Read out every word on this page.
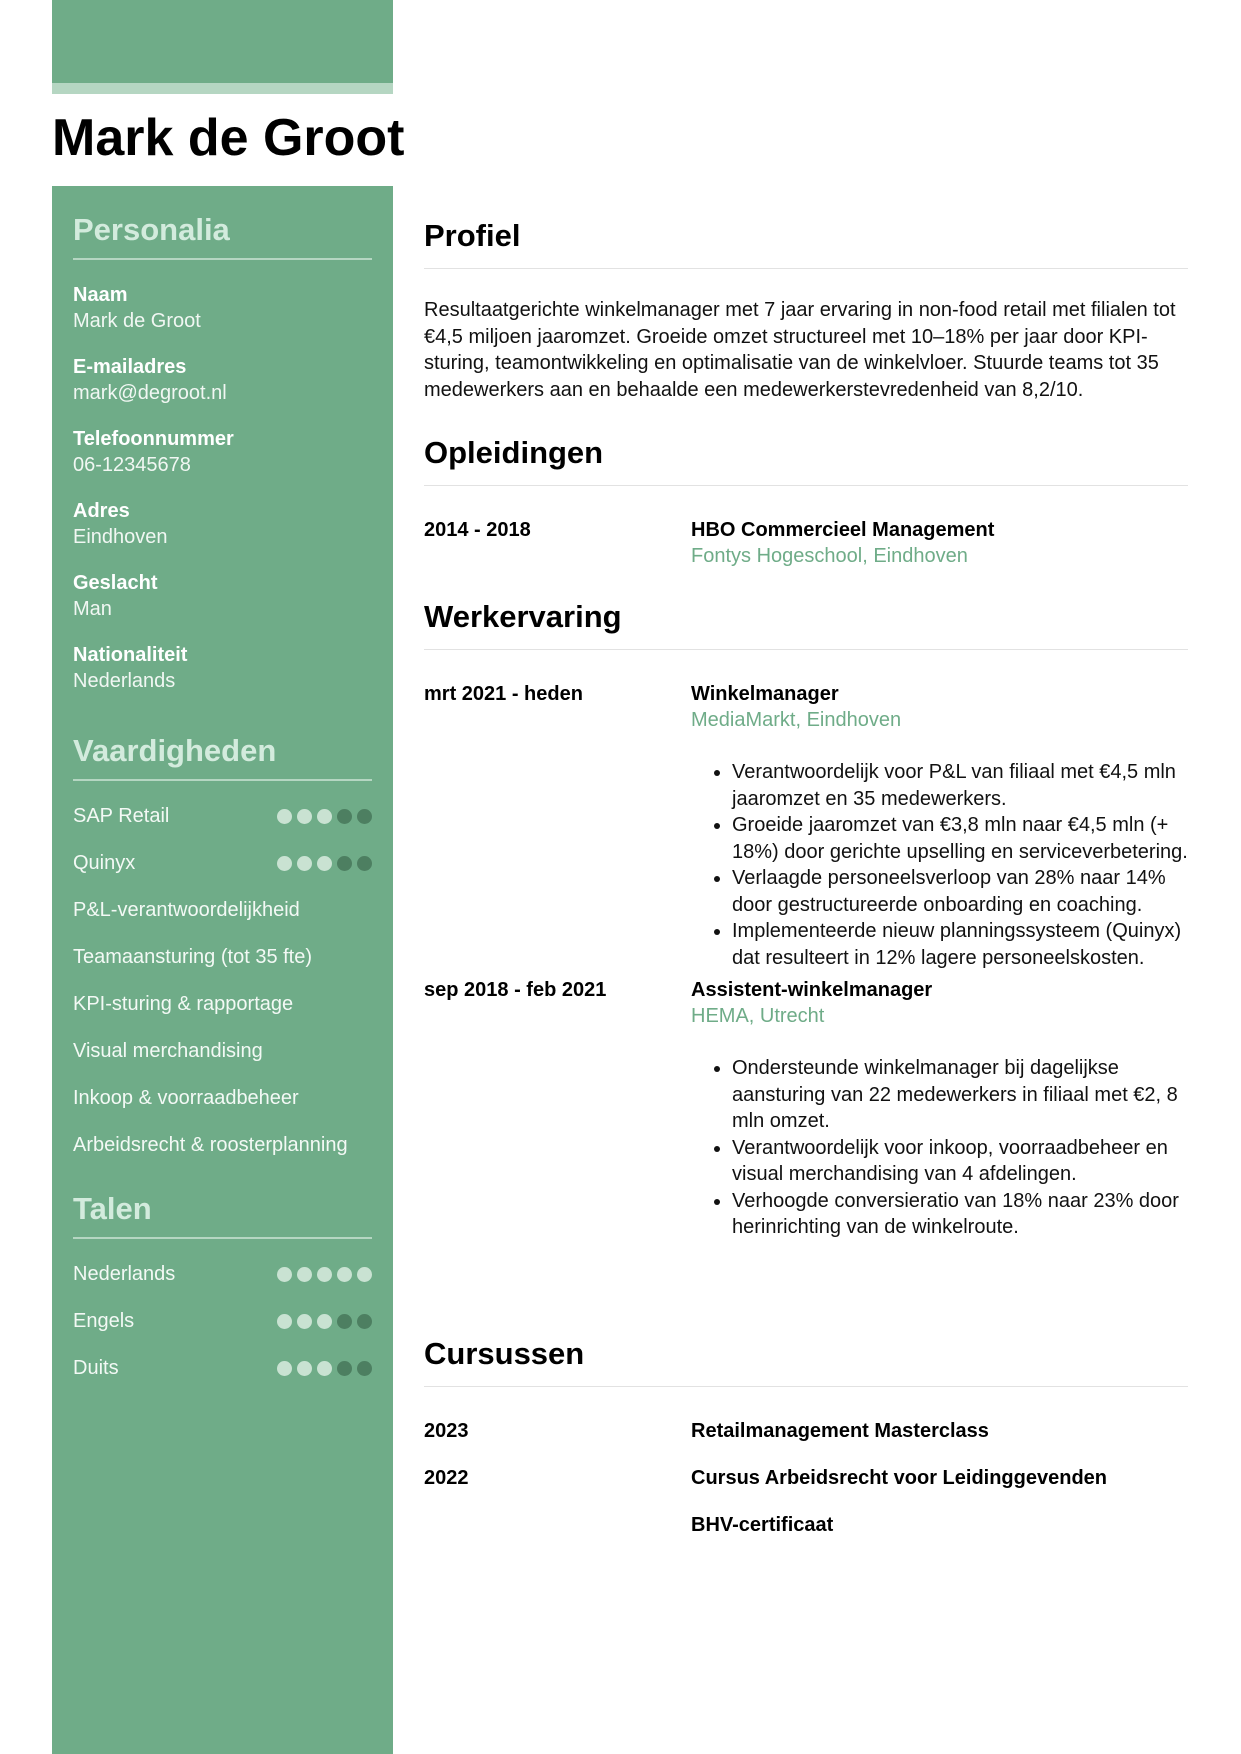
Mark de Groot
Personalia
Naam
Mark de Groot
E-mailadres
mark@degroot.nl
Telefoonnummer
06-12345678
Adres
Eindhoven
Geslacht
Man
Nationaliteit
Nederlands
Vaardigheden
SAP Retail
Quinyx
P&L-verantwoordelijkheid
Teamaansturing (tot 35 fte)
KPI-sturing & rapportage
Visual merchandising
Inkoop & voorraadbeheer
Arbeidsrecht & roosterplanning
Talen
Nederlands
Engels
Duits
Profiel

Resultaatgerichte winkelmanager met 7 jaar ervaring in non-food retail met filialen tot €4,5 miljoen jaaromzet. Groeide omzet structureel met 10–18% per jaar door KPI-sturing, teamontwikkeling en optimalisatie van de winkelvloer. Stuurde teams tot 35 medewerkers aan en behaalde een medewerkerstevredenheid van 8,2/10.

Opleidingen
2014 - 2018	HBO Commercieel Management
Fontys Hogeschool, Eindhoven
Werkervaring
mrt 2021 - heden	Winkelmanager
MediaMarkt, Eindhoven
• Verantwoordelijk voor P&L van filiaal met €4,5 mln jaaromzet en 35 medewerkers.
• Groeide jaaromzet van €3,8 mln naar €4,5 mln (+ 18%) door gerichte upselling en serviceverbetering.
• Verlaagde personeelsverloop van 28% naar 14% door gestructureerde onboarding en coaching.
• Implementeerde nieuw planningssysteem (Quinyx) dat resulteert in 12% lagere personeelskosten.
sep 2018 - feb 2021	Assistent-winkelmanager
HEMA, Utrecht
• Ondersteunde winkelmanager bij dagelijkse aansturing van 22 medewerkers in filiaal met €2, 8 mln omzet.
• Verantwoordelijk voor inkoop, voorraadbeheer en visual merchandising van 4 afdelingen.
• Verhoogde conversieratio van 18% naar 23% door herinrichting van de winkelroute.
Cursussen
2023	Retailmanagement Masterclass
2022	Cursus Arbeidsrecht voor Leidinggevenden
BHV-certificaat
